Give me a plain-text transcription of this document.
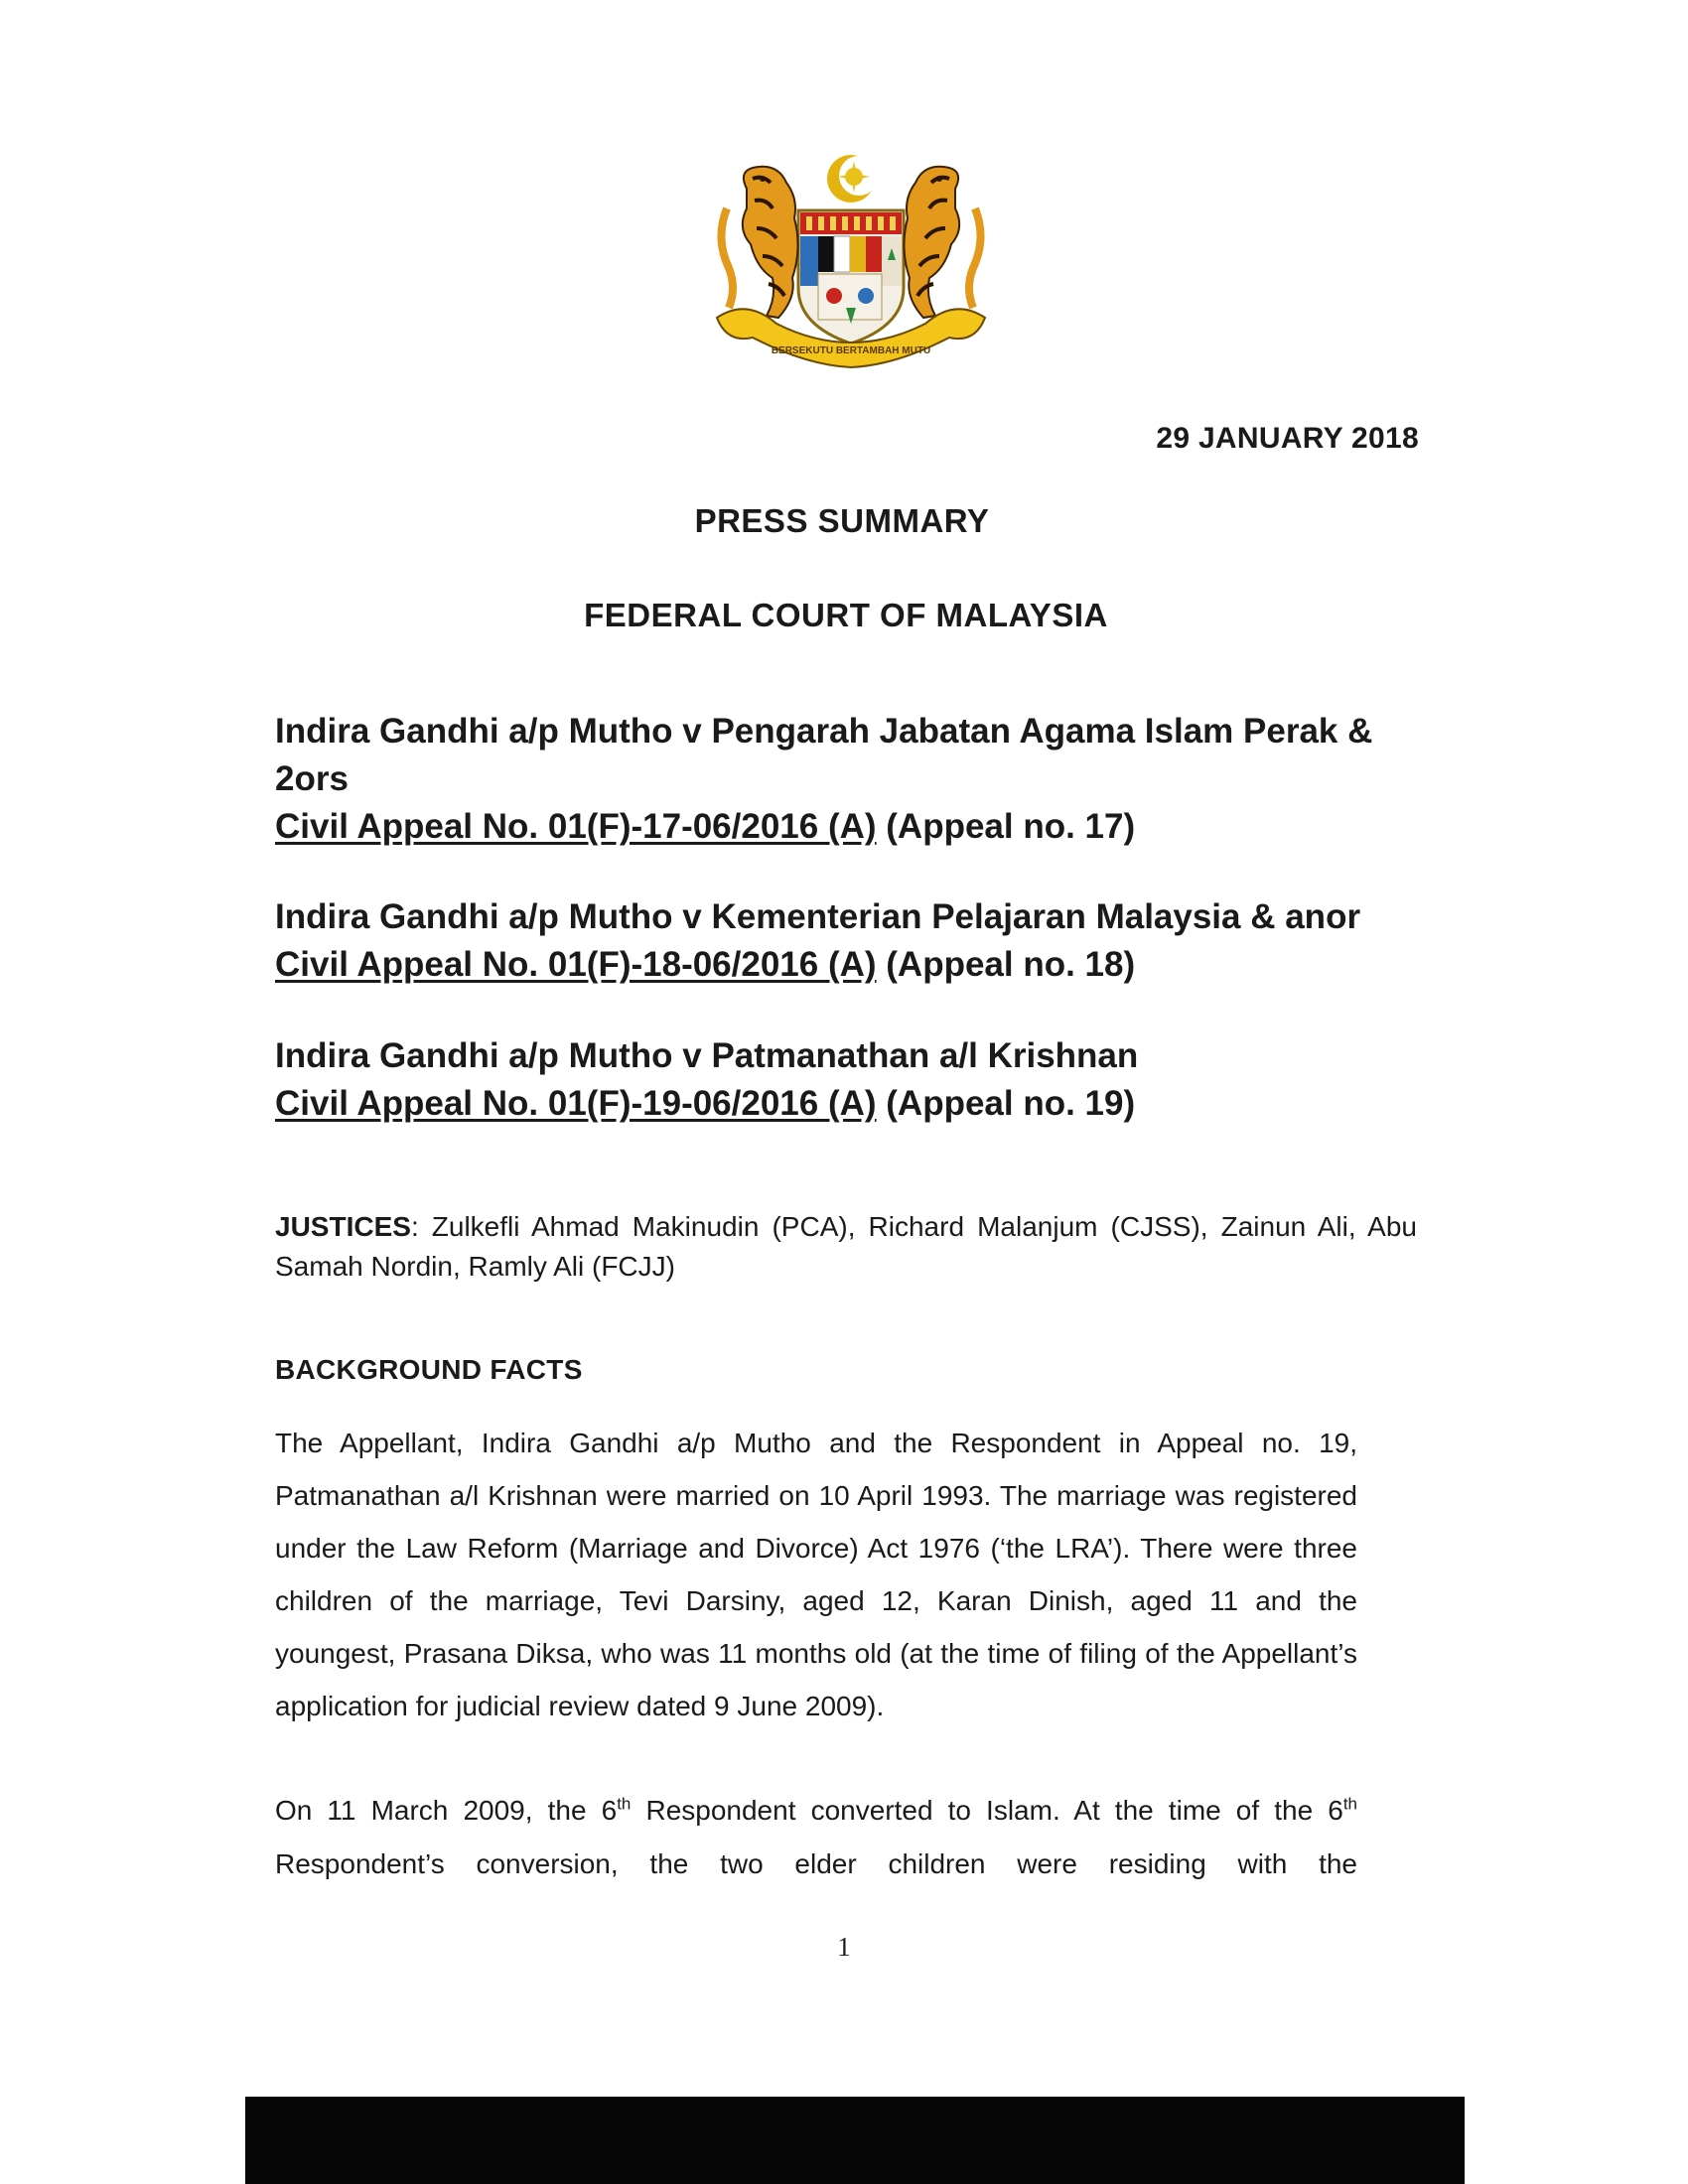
BERSEKUTU BERTAMBAH MUTU
29 JANUARY 2018
PRESS SUMMARY
FEDERAL COURT OF MALAYSIA
Indira Gandhi a/p Mutho v Pengarah Jabatan Agama Islam Perak & 2ors
Civil Appeal No. 01(F)-17-06/2016 (A) (Appeal no. 17)
Indira Gandhi a/p Mutho v Kementerian Pelajaran Malaysia & anor
Civil Appeal No. 01(F)-18-06/2016 (A) (Appeal no. 18)
Indira Gandhi a/p Mutho v Patmanathan a/l Krishnan
Civil Appeal No. 01(F)-19-06/2016 (A) (Appeal no. 19)
JUSTICES: Zulkefli Ahmad Makinudin (PCA), Richard Malanjum (CJSS), Zainun Ali, Abu Samah Nordin, Ramly Ali (FCJJ)
BACKGROUND FACTS
The Appellant, Indira Gandhi a/p Mutho and the Respondent in Appeal no. 19, Patmanathan a/l Krishnan were married on 10 April 1993. The marriage was registered under the Law Reform (Marriage and Divorce) Act 1976 (‘the LRA’). There were three children of the marriage, Tevi Darsiny, aged 12, Karan Dinish, aged 11 and the youngest, Prasana Diksa, who was 11 months old (at the time of filing of the Appellant’s application for judicial review dated 9 June 2009).
On 11 March 2009, the 6th Respondent converted to Islam. At the time of the 6th Respondent’s conversion, the two elder children were residing with the
1
